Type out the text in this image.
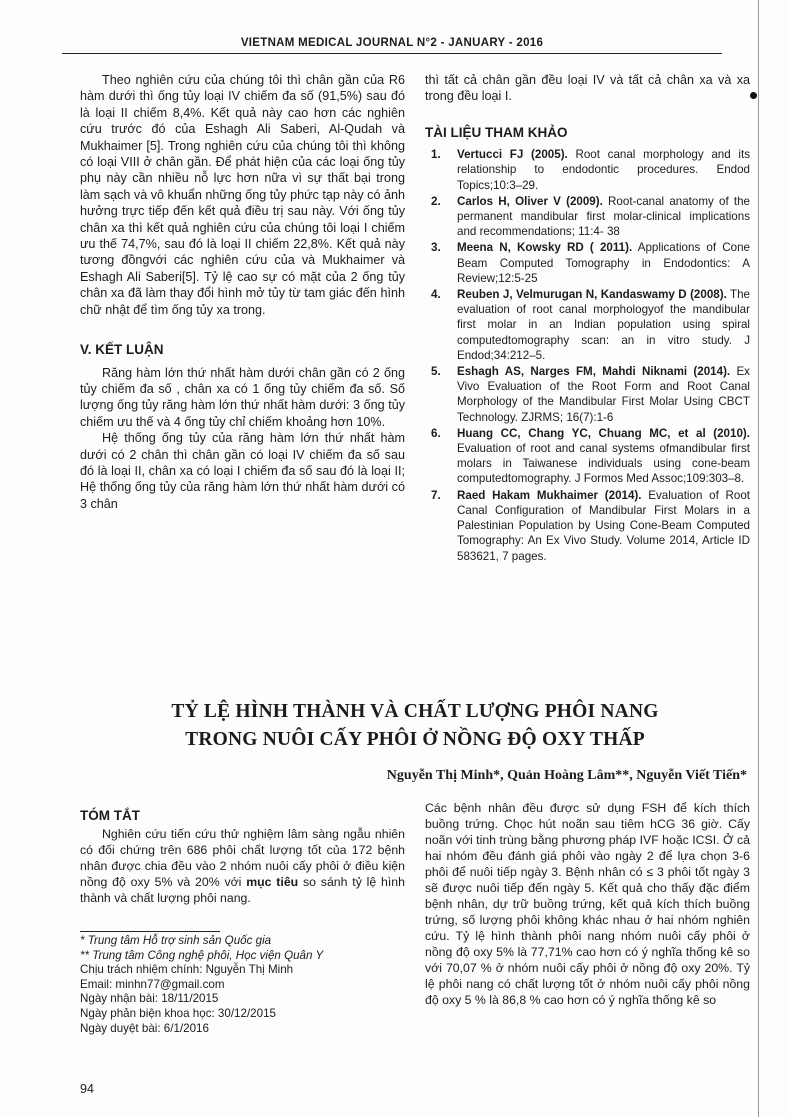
VIETNAM MEDICAL JOURNAL N°2 - JANUARY - 2016

Theo nghiên cứu của chúng tôi thì chân gần của R6 hàm dưới thì ống tủy loại IV chiếm đa số (91,5%) sau đó là loại II chiếm 8,4%. Kết quả này cao hơn các nghiên cứu trước đó của Eshagh Ali Saberi, Al-Qudah và Mukhaimer [5]. Trong nghiên cứu của chúng tôi thì không có loại VIII ở chân gần. Để phát hiện của các loại ống tủy phụ này cần nhiều nỗ lực hơn nữa vì sự thất bại trong làm sạch và vô khuẩn những ống tủy phức tạp này có ảnh hưởng trực tiếp đến kết quả điều trị sau này. Với ống tủy chân xa thì kết quả nghiên cứu của chúng tôi loại I chiếm ưu thế 74,7%, sau đó là loại II chiếm 22,8%. Kết quả này tương đồngvới các nghiên cứu của và Mukhaimer và Eshagh Ali Saberi[5]. Tỷ lệ cao sự có mặt của 2 ống tủy chân xa đã làm thay đổi hình mở tủy từ tam giác đến hình chữ nhật để tìm ống tủy xa trong.

V. KẾT LUẬN

Răng hàm lớn thứ nhất hàm dưới chân gần có 2 ống tủy chiếm đa số , chân xa có 1 ống tủy chiếm đa số. Số lượng ống tủy răng hàm lớn thứ nhất hàm dưới: 3 ống tủy chiếm ưu thế và 4 ống tủy chỉ chiếm khoảng hơn 10%.

Hệ thống ống tủy của răng hàm lớn thứ nhất hàm dưới có 2 chân thì chân gần có loại IV chiếm đa số sau đó là loại II, chân xa có loại I chiếm đa số sau đó là loại II; Hệ thống ống tủy của răng hàm lớn thứ nhất hàm dưới có 3 chân

thì tất cả chân gần đều loại IV và tất cả chân xa và xa trong đều loại I.
TÀI LIỆU THAM KHẢO
1. Vertucci FJ (2005). Root canal morphology and its relationship to endodontic procedures. Endod Topics;10:3–29.
2. Carlos H, Oliver V (2009). Root-canal anatomy of the permanent mandibular first molar-clinical implications and recommendations; 11:4- 38
3. Meena N, Kowsky RD ( 2011). Applications of Cone Beam Computed Tomography in Endodontics: A Review;12:5-25
4. Reuben J, Velmurugan N, Kandaswamy D (2008). The evaluation of root canal morphologyof the mandibular first molar in an Indian population using spiral computedtomography scan: an in vitro study. J Endod;34:212–5.
5. Eshagh AS, Narges FM, Mahdi Niknami (2014). Ex Vivo Evaluation of the Root Form and Root Canal Morphology of the Mandibular First Molar Using CBCT Technology. ZJRMS; 16(7):1-6
6. Huang CC, Chang YC, Chuang MC, et al (2010). Evaluation of root and canal systems ofmandibular first molars in Taiwanese individuals using cone-beam computedtomography. J Formos Med Assoc;109:303–8.
7. Raed Hakam Mukhaimer (2014). Evaluation of Root Canal Configuration of Mandibular First Molars in a Palestinian Population by Using Cone-Beam Computed Tomography: An Ex Vivo Study. Volume 2014, Article ID 583621, 7 pages.
TỶ LỆ HÌNH THÀNH VÀ CHẤT LƯỢNG PHÔI NANG
TRONG NUÔI CẤY PHÔI Ở NỒNG ĐỘ OXY THẤP
Nguyễn Thị Minh*, Quản Hoàng Lâm**, Nguyễn Viết Tiến*
TÓM TẮT

Nghiên cứu tiến cứu thử nghiệm lâm sàng ngẫu nhiên có đối chứng trên 686 phôi chất lượng tốt của 172 bệnh nhân được chia đều vào 2 nhóm nuôi cấy phôi ở điều kiện nồng độ oxy 5% và 20% với mục tiêu so sánh tỷ lệ hình thành và chất lượng phôi nang.

* Trung tâm Hỗ trợ sinh sản Quốc gia
** Trung tâm Công nghệ phôi, Học viện Quân Y
Chịu trách nhiệm chính: Nguyễn Thị Minh
Email: minhn77@gmail.com
Ngày nhận bài: 18/11/2015
Ngày phản biện khoa học: 30/12/2015
Ngày duyệt bài: 6/1/2016
Các bệnh nhân đều được sử dụng FSH để kích thích buồng trứng. Chọc hút noãn sau tiêm hCG 36 giờ. Cấy noãn với tinh trùng bằng phương pháp IVF hoặc ICSI. Ở cả hai nhóm đều đánh giá phôi vào ngày 2 để lựa chọn 3-6 phôi để nuôi tiếp ngày 3. Bệnh nhân có ≤ 3 phôi tốt ngày 3 sẽ được nuôi tiếp đến ngày 5. Kết quả cho thấy đặc điểm bệnh nhân, dự trữ buồng trứng, kết quả kích thích buồng trứng, số lượng phôi không khác nhau ở hai nhóm nghiên cứu. Tỷ lệ hình thành phôi nang nhóm nuôi cấy phôi ở nồng độ oxy 5% là 77,71% cao hơn có ý nghĩa thống kê so với 70,07 % ở nhóm nuôi cấy phôi ở nồng độ oxy 20%. Tỷ lệ phôi nang có chất lượng tốt ở nhóm nuôi cấy phôi nồng độ oxy 5 % là 86,8 % cao hơn có ý nghĩa thống kê so
94
